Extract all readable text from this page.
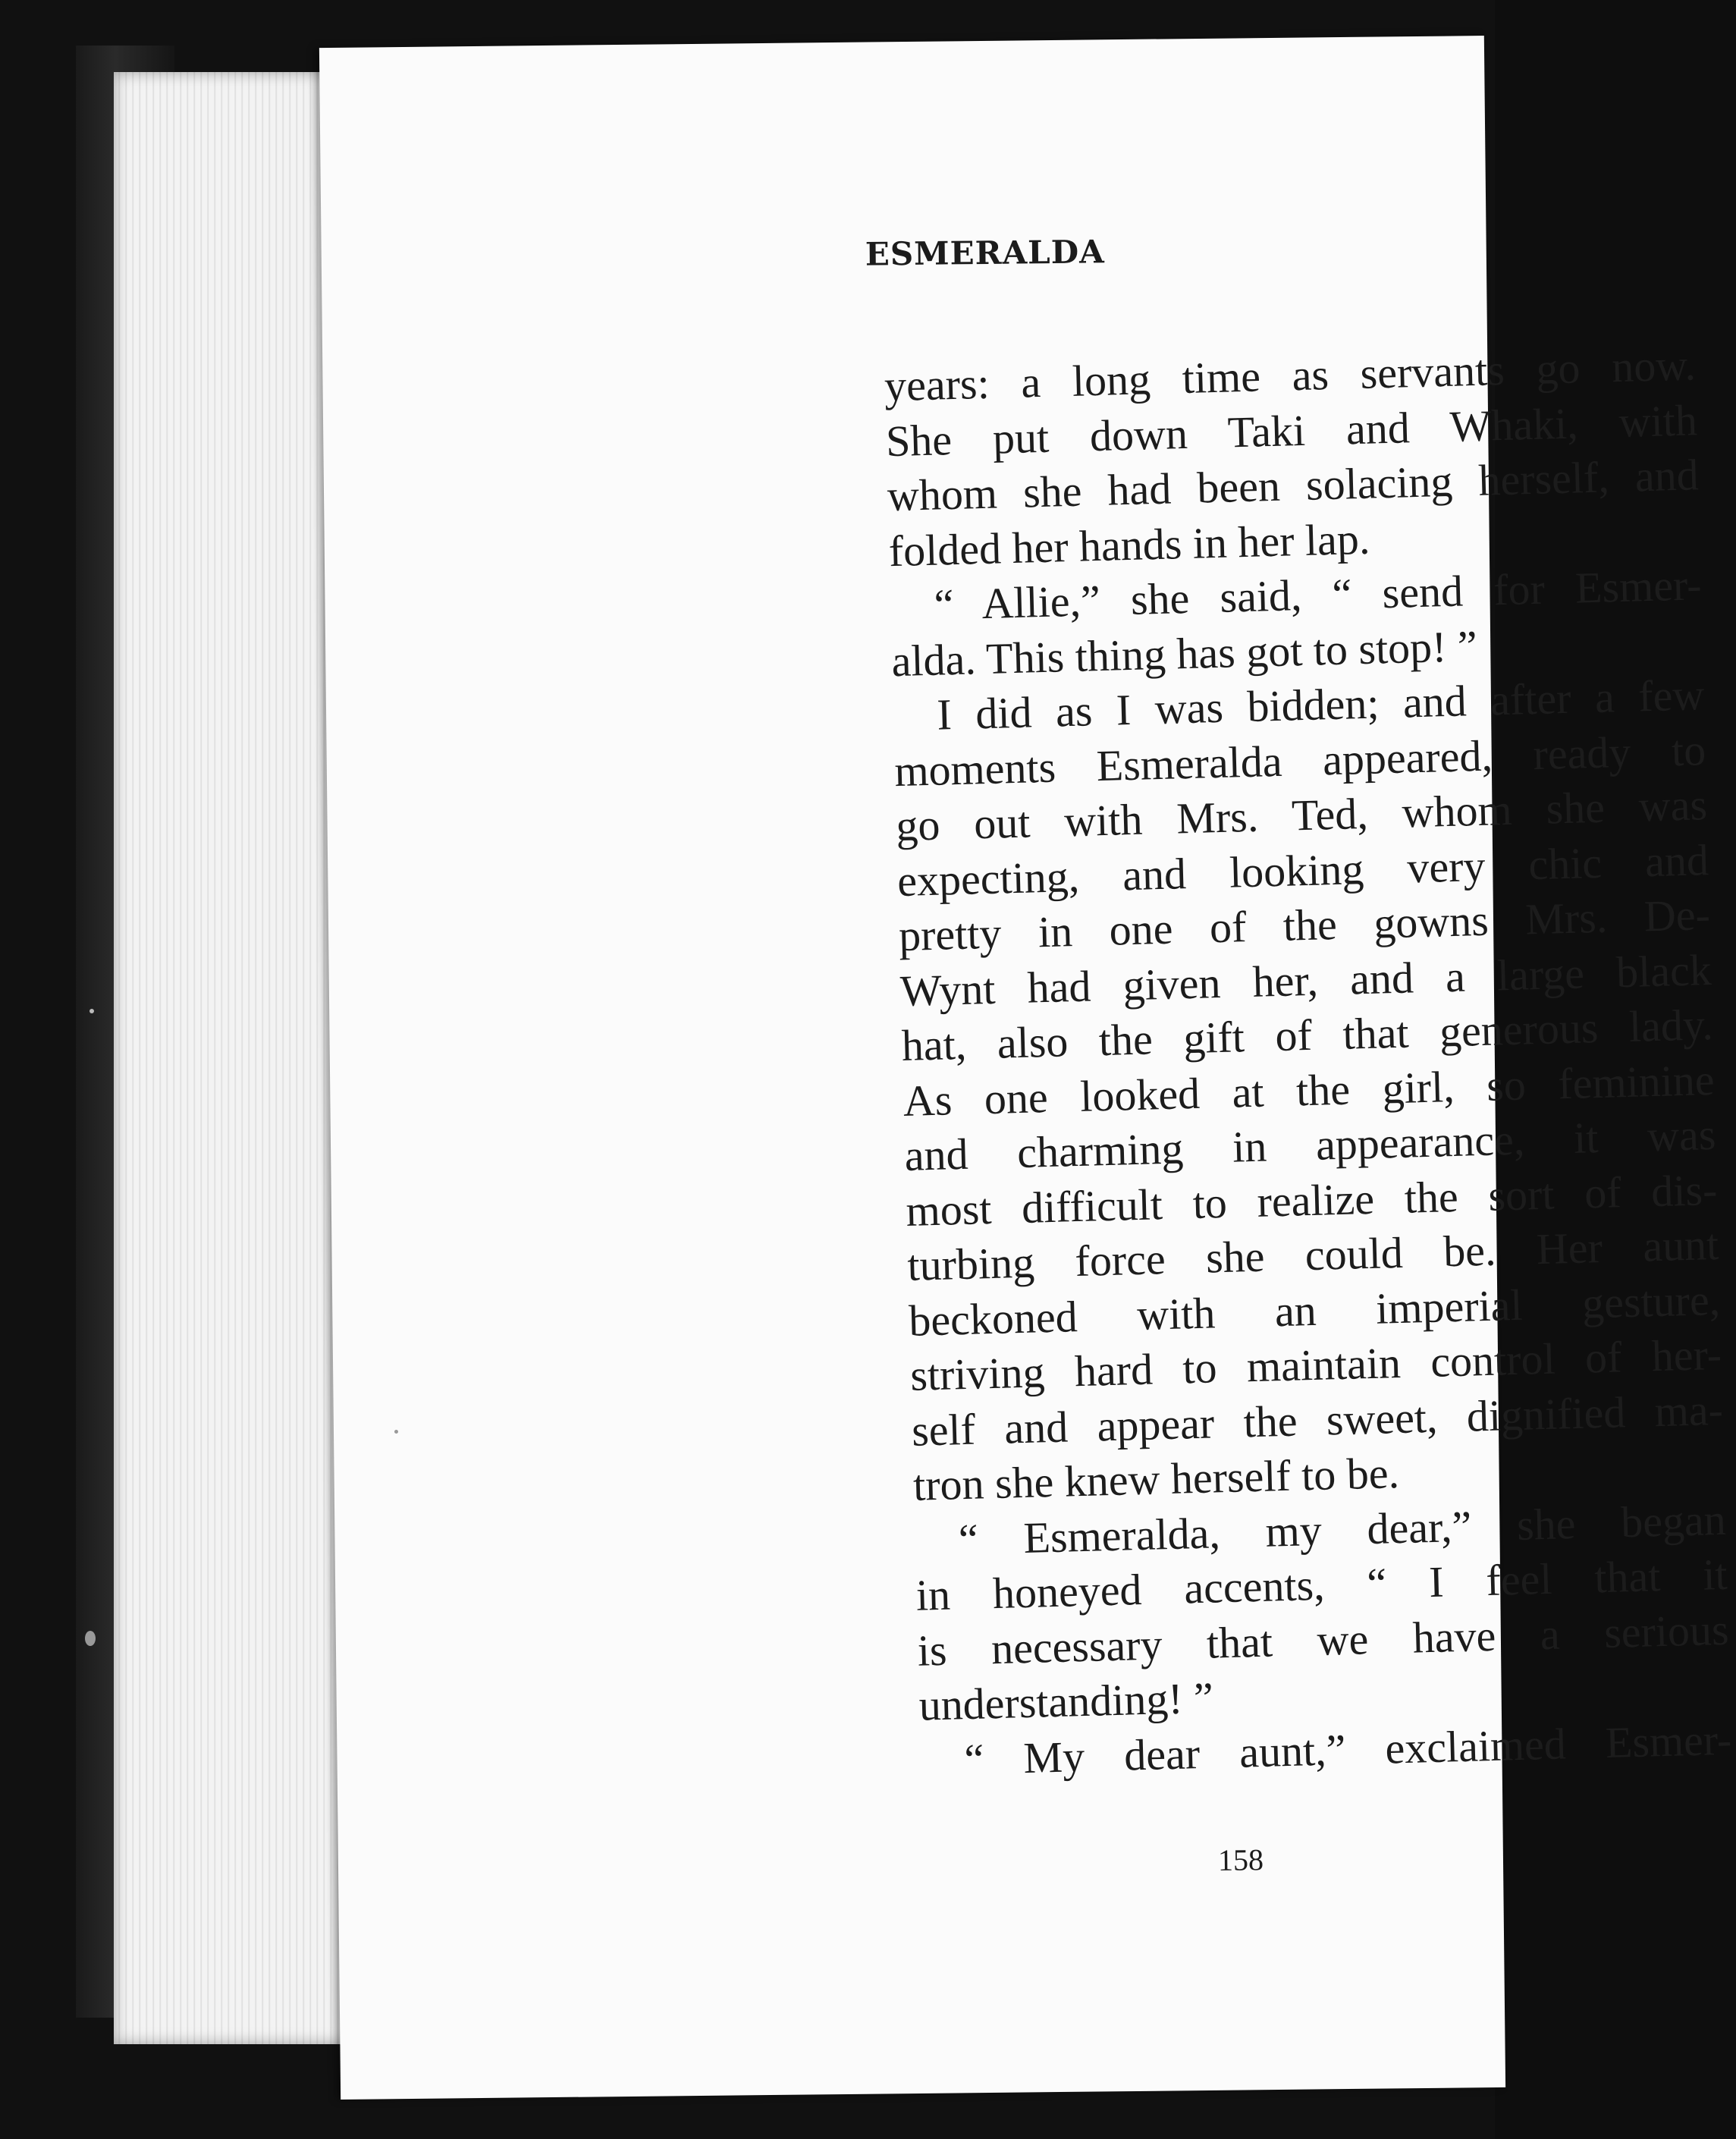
ESMERALDA
years: a long time as servants go now.
She put down Taki and Whaki, with
whom she had been solacing herself, and
folded her hands in her lap.
“ Allie,” she said, “ send for Esmer-
alda. This thing has got to stop! ”
I did as I was bidden; and after a few
moments Esmeralda appeared, ready to
go out with Mrs. Ted, whom she was
expecting, and looking very chic and
pretty in one of the gowns Mrs. De-
Wynt had given her, and a large black
hat, also the gift of that generous lady.
As one looked at the girl, so feminine
and charming in appearance, it was
most difficult to realize the sort of dis-
turbing force she could be. Her aunt
beckoned with an imperial gesture,
striving hard to maintain control of her-
self and appear the sweet, dignified ma-
tron she knew herself to be.
“ Esmeralda, my dear,” she began
in honeyed accents, “ I feel that it
is necessary that we have a serious
understanding! ”
“ My dear aunt,” exclaimed Esmer-
158
